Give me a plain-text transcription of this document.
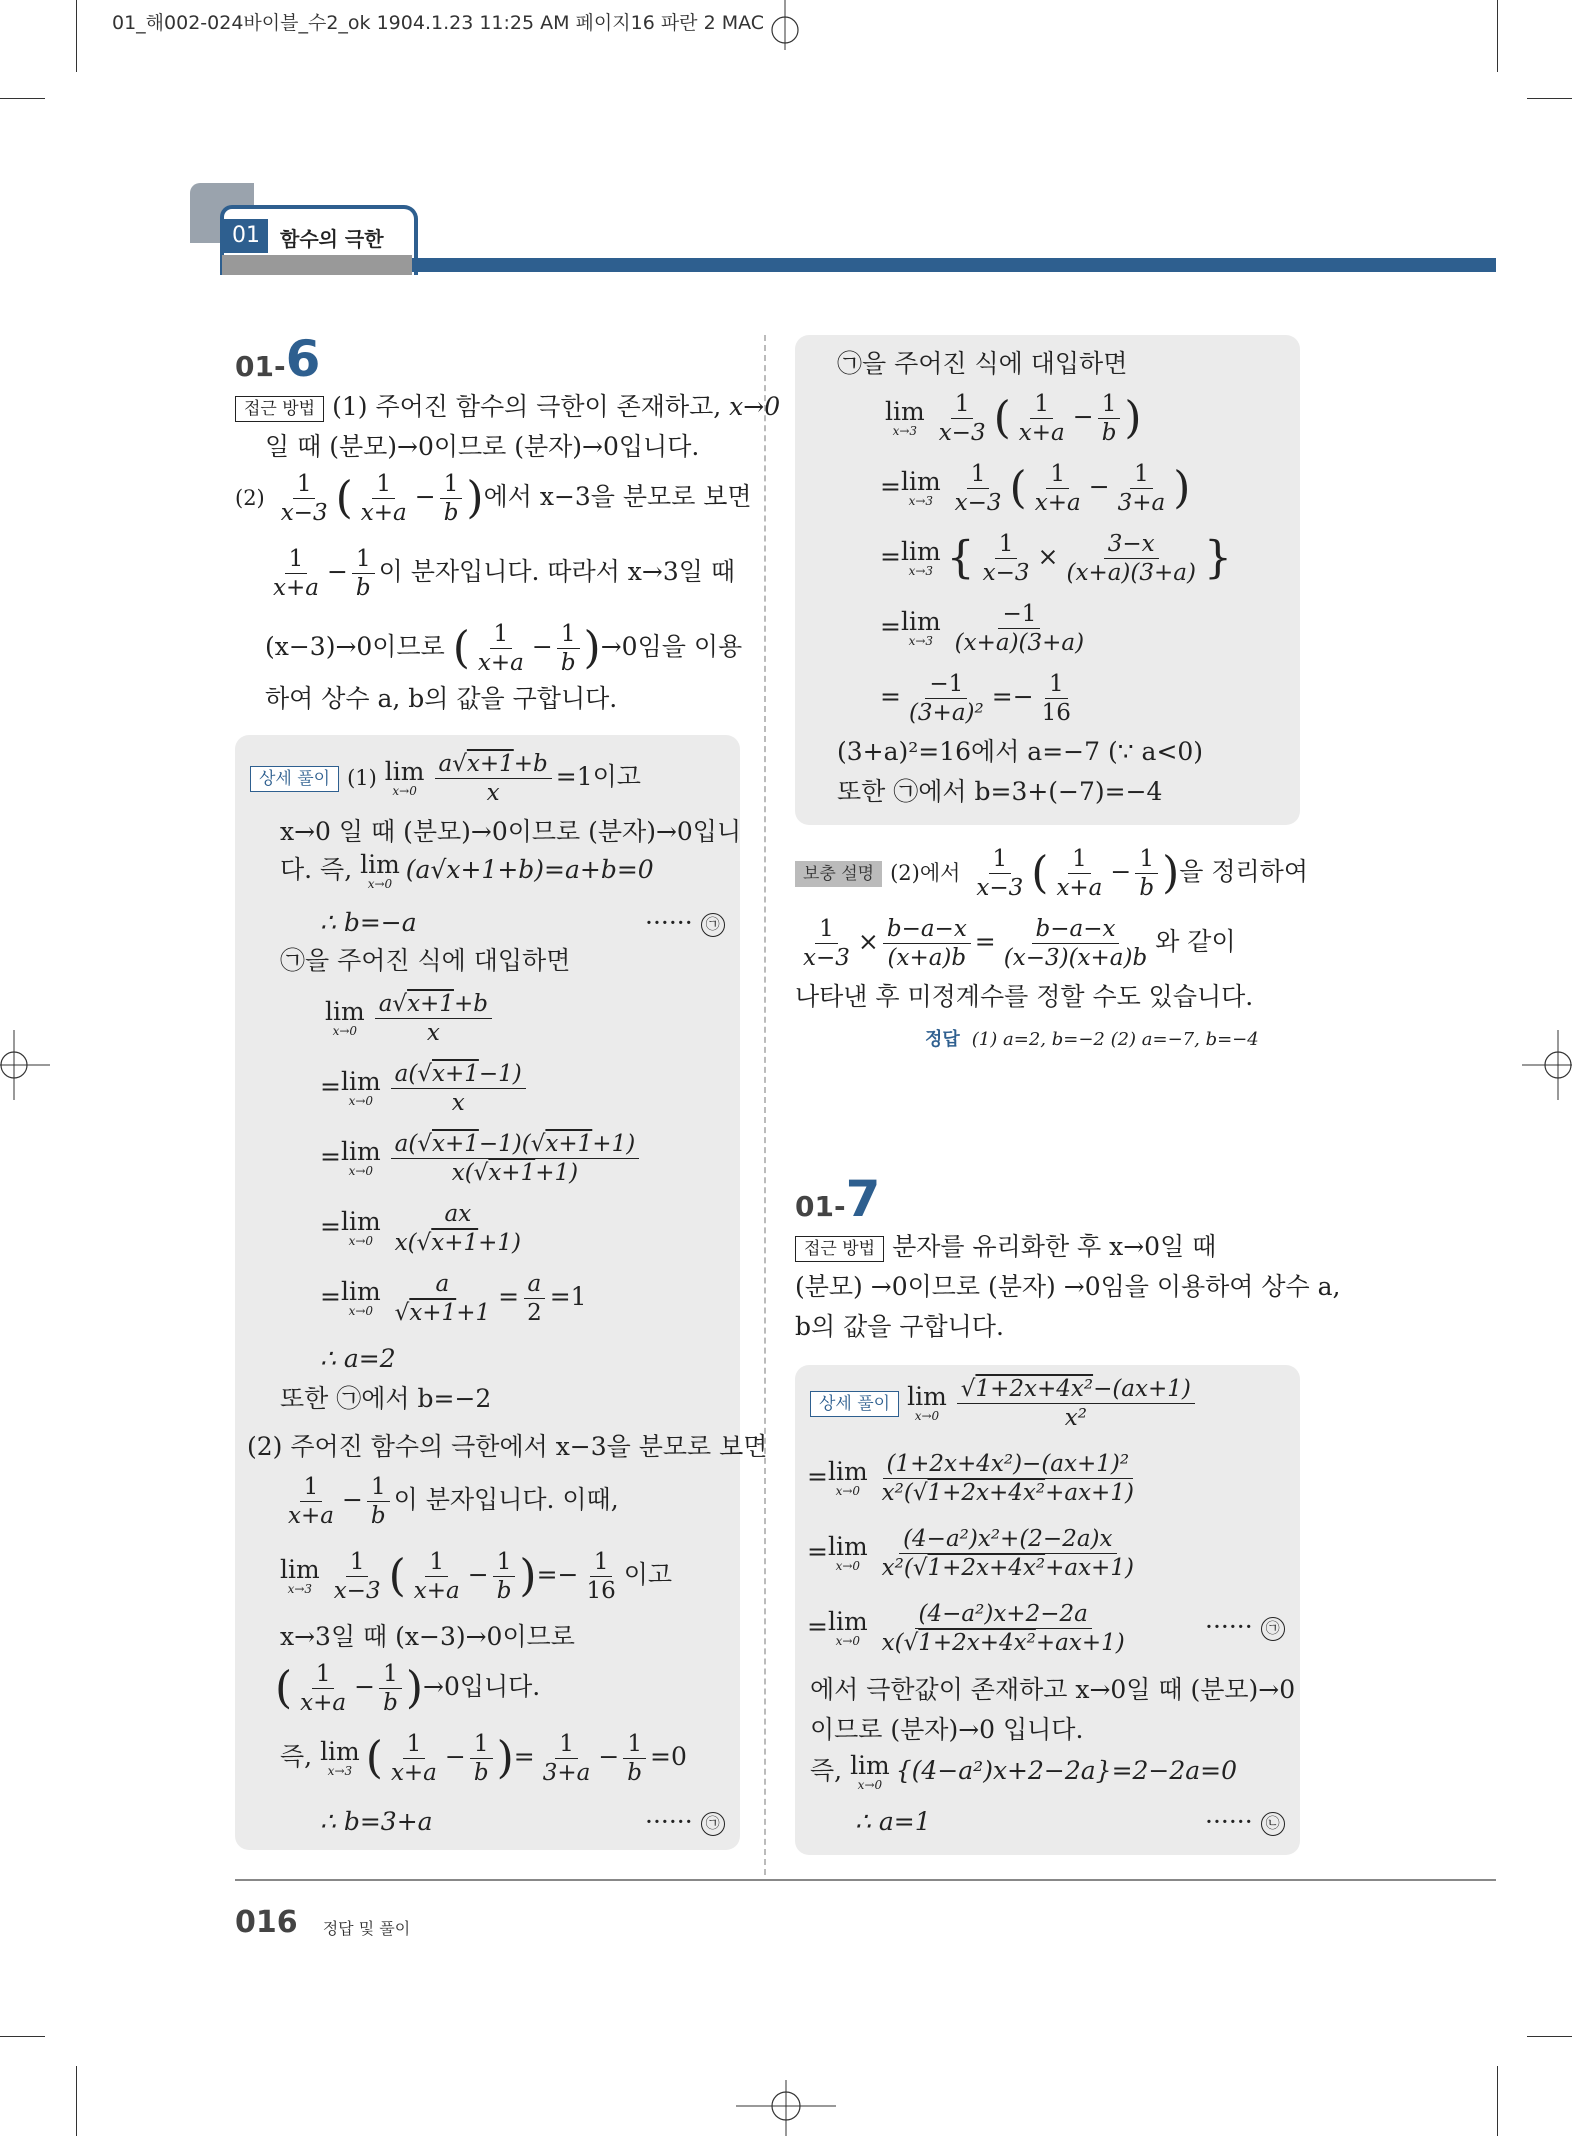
01_해002-024바이블_수2_ok 1904.1.23 11:25 AM 페이지16 파란 2 MAC
01	함수의 극한
01-6
접근 방법 (1) 주어진 함수의 극한이 존재하고, x→0
일 때 (분모)→0이므로 (분자)→0입니다.
$(2) \frac{1}{x-3}$ ( $\frac{1}{x+a} - \frac{1}{b}$ )에서 x−3을 분모로 보면
$\frac{1}{x+a} - \frac{1}{b}$ 이 분자입니다. 따라서 x→3일 때
(x−3)→0이므로 ( $\frac{1}{x+a} - \frac{1}{b} )\to 0$임을 이용
하여 상수 a, b의 값을 구합니다.
상세 풀이 (1) lim
$x\to 0 \frac{a√x+1+b}{x} =1$이고
x→0 일 때 (분모)→0이므로 (분자)→0입니
다. 즉, lim
x→0 (a√x+1+b)=a+b=0
∴ b=−a	······ ㉠
㉠을 주어진 식에 대입하면
lim
$x\to 0 \frac{a√x+1+b}{x}$
= lim
$x\to 0 \frac{a(√x+1-1)}{x}$
= lim
$x\to 0 \frac{a(√x+1-1)(√x+1+1)}{x(√x+1+1)}$
= lim
$x\to 0 \frac{ax}{x(√x+1+1)}$
= lim
$x\to 0 \frac{a}{√x+1+1} = \frac{a}{2} =1$
∴ a=2
또한 ㉠에서 b=−2
(2) 주어진 함수의 극한에서 x−3을 분모로 보면
$\frac{1}{x+a} - \frac{1}{b}$ 이 분자입니다. 이때,
lim
$x\to 3 \frac{1}{x-3}$ ( $\frac{1}{x+a} - \frac{1}{b}$ )=− $\frac{1}{16}$ 이고
x→3일 때 (x−3)→0이므로
( $\frac{1}{x+a} - \frac{1}{b} )\to 0$입니다.
즉, lim
x→3 ( $\frac{1}{x+a} - \frac{1}{b}$ )= $\frac{1}{3+a} - \frac{1}{b} =0$
∴ b=3+a	······ ㉠
㉠을 주어진 식에 대입하면
lim
$x\to 3 \frac{1}{x-3}$ ( $\frac{1}{x+a} - \frac{1}{b}$ )
= lim
$x\to 3 \frac{1}{x-3}$ ( $\frac{1}{x+a} - \frac{1}{3+a}$ )
= lim
x→3 { $\frac{1}{x-3} \times \frac{3-x}{(x+a)(3+a)}$ }
= lim
$x\to 3 \frac{-1}{(x+a)(3+a)}$
= $\frac{-1}{\text{(3+a)²}} =- \frac{1}{16}$
(3+a)²=16에서 a=−7 (∵ a<0)
또한 ㉠에서 b=3+(−7)=−4
보충 설명 (2)에서 $\frac{1}{x-3}$ ( $\frac{1}{x+a} - \frac{1}{b}$ )을 정리하여
$\frac{1}{x-3} \times \frac{b-a-x}{(x+a)b} = \frac{b-a-x}{(x-3)(x+a)b}$ 와 같이
나타낸 후 미정계수를 정할 수도 있습니다.
정답 (1) a=2, b=−2 (2) a=−7, b=−4
01-7
접근 방법 분자를 유리화한 후 x→0일 때
(분모) →0이므로 (분자) →0임을 이용하여 상수 a,
b의 값을 구합니다.
상세 풀이 lim
$x\to 0 \frac{\text{√1+2x+4x²−(ax+1)}}{\text{x²}}$
= lim
$x\to 0 \frac{\text{(1+2x+4x²)−(ax+1)²}}{\text{x²(√1+2x+4x²+ax+1)}}$
= lim
$x\to 0 \frac{\text{(4−a²)x²+(2−2a)x}}{\text{x²(√1+2x+4x²+ax+1)}}$
= lim
$x\to 0 \frac{\text{(4−a²)x+2−2a}}{\text{x(√1+2x+4x²+ax+1)}}$	······ ㉠
에서 극한값이 존재하고 x→0일 때 (분모)→0
이므로 (분자)→0 입니다.
즉, lim
x→0 {(4−a²)x+2−2a}=2−2a=0
∴ a=1	······ ㉡
016 정답 및 풀이
